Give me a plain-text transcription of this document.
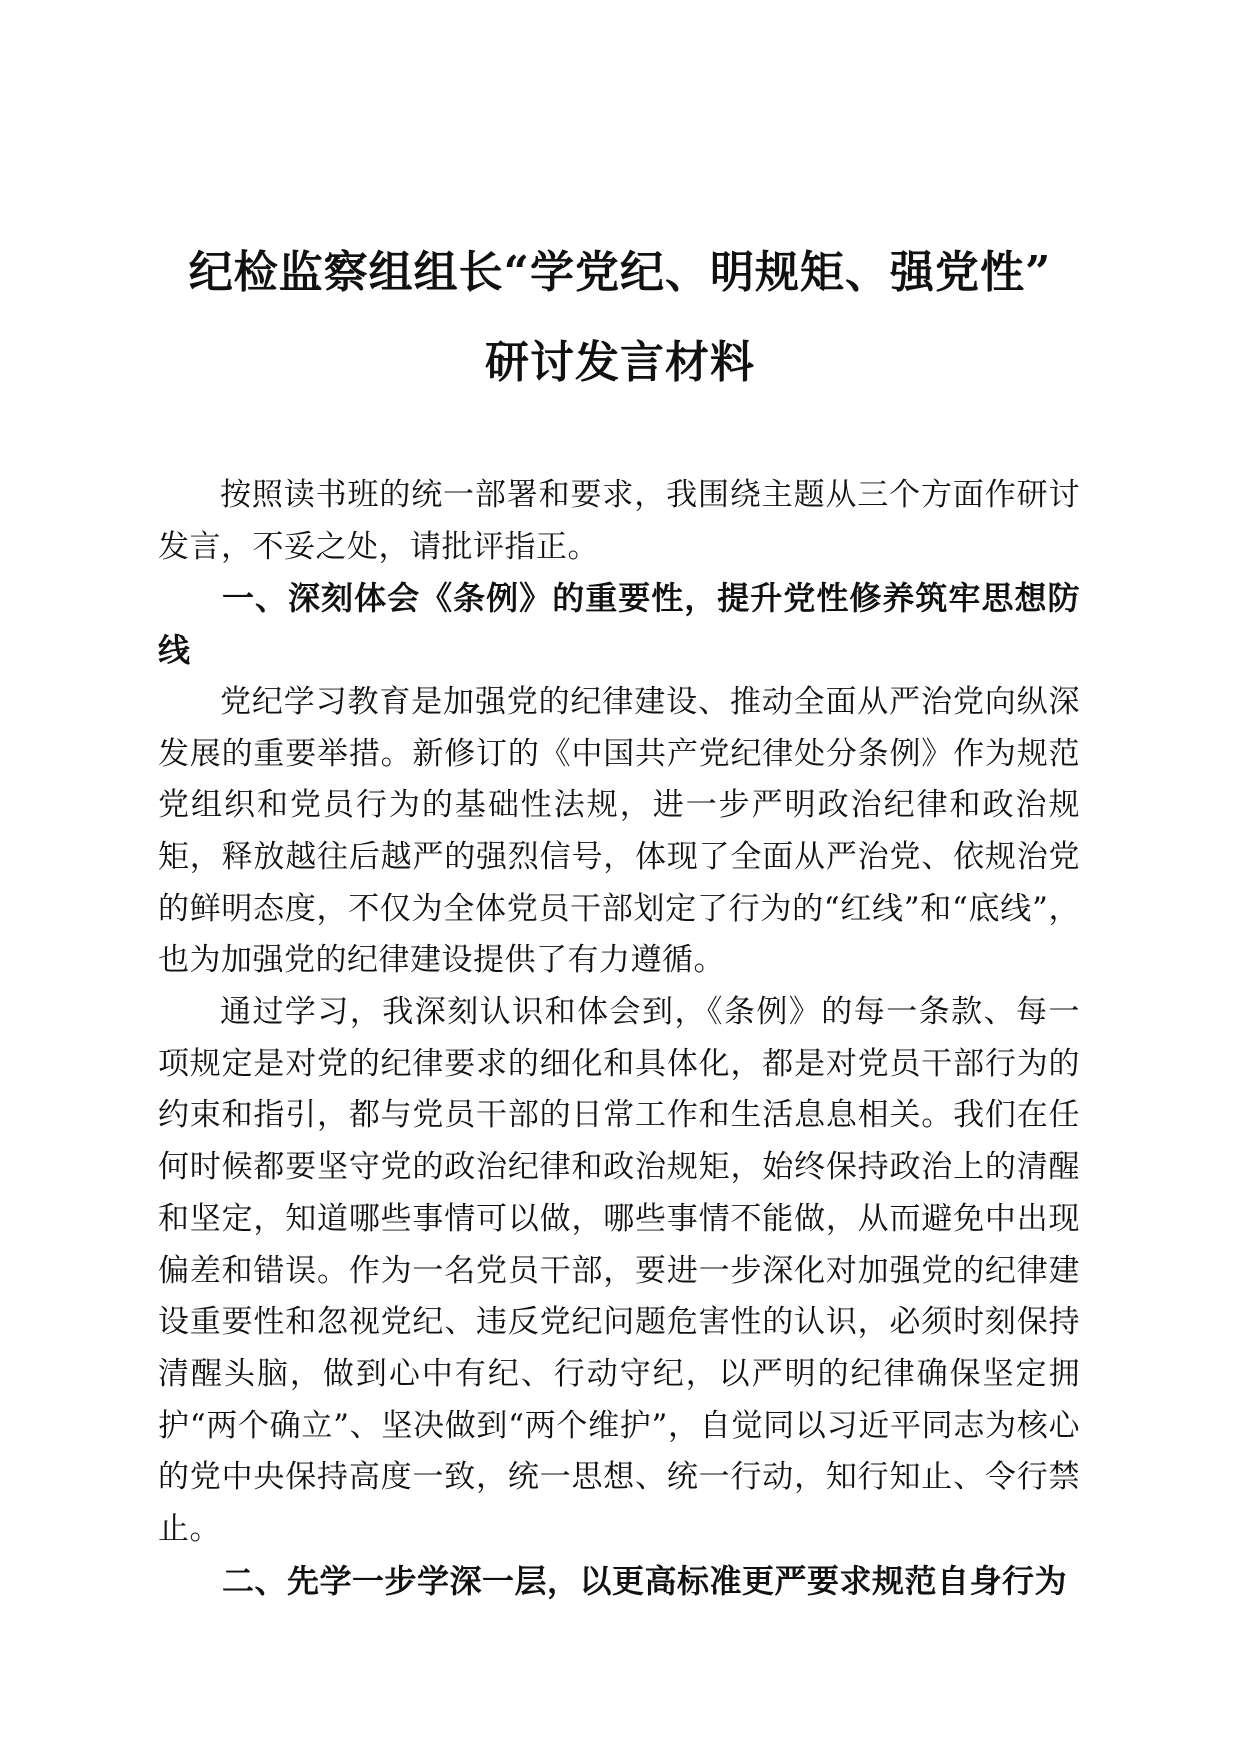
纪检监察组组长“学党纪、明规矩、强党性”
研讨发言材料

按照读书班的统一部署和要求，我围绕主题从三个方面作研讨发言，不妥之处，请批评指正。

一、深刻体会《条例》的重要性，提升党性修养筑牢思想防线

党纪学习教育是加强党的纪律建设、推动全面从严治党向纵深发展的重要举措。新修订的《中国共产党纪律处分条例》作为规范党组织和党员行为的基础性法规，进一步严明政治纪律和政治规矩，释放越往后越严的强烈信号，体现了全面从严治党、依规治党的鲜明态度，不仅为全体党员干部划定了行为的“红线”和“底线”，也为加强党的纪律建设提供了有力遵循。

通过学习，我深刻认识和体会到，《条例》的每一条款、每一项规定是对党的纪律要求的细化和具体化，都是对党员干部行为的约束和指引，都与党员干部的日常工作和生活息息相关。我们在任何时候都要坚守党的政治纪律和政治规矩，始终保持政治上的清醒和坚定，知道哪些事情可以做，哪些事情不能做，从而避免中出现偏差和错误。作为一名党员干部，要进一步深化对加强党的纪律建设重要性和忽视党纪、违反党纪问题危害性的认识，必须时刻保持清醒头脑，做到心中有纪、行动守纪，以严明的纪律确保坚定拥护“两个确立”、坚决做到“两个维护”，自觉同以习近平同志为核心的党中央保持高度一致，统一思想、统一行动，知行知止、令行禁止。

二、先学一步学深一层，以更高标准更严要求规范自身行为
